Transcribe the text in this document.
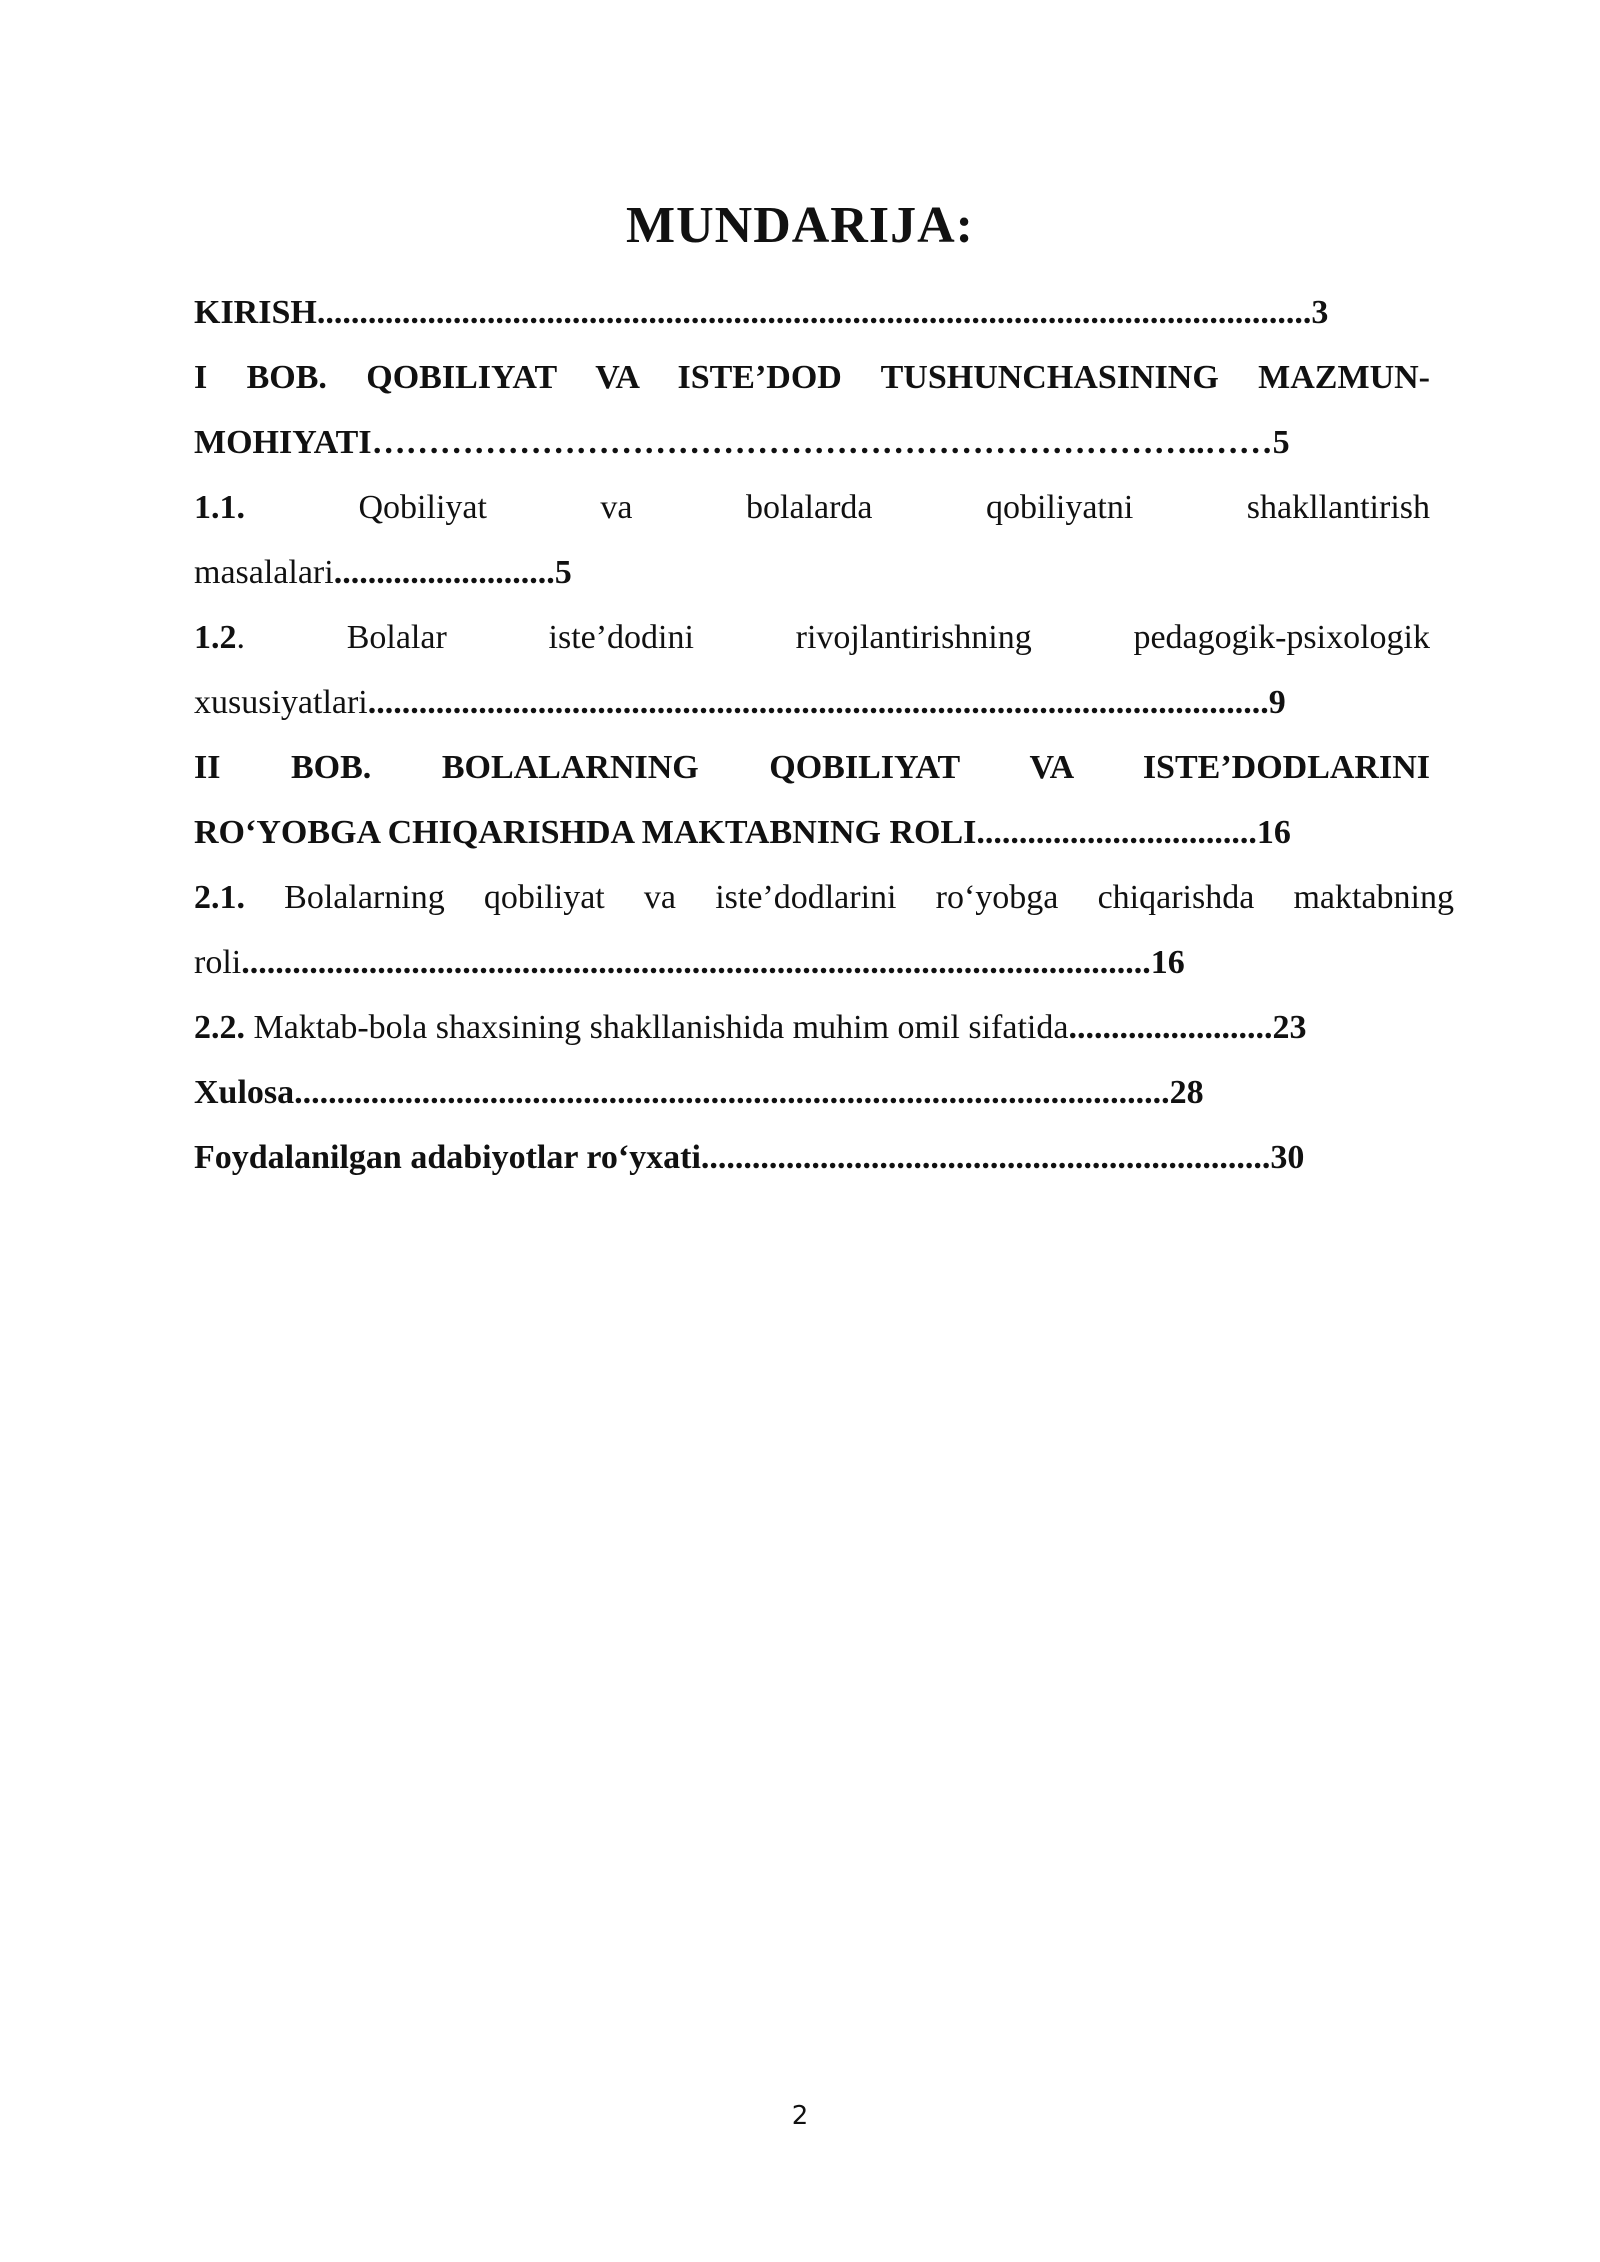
MUNDARIJA:
KIRISH.....................................................................................................................3
I BOB. QOBILIYAT VA ISTE’DOD TUSHUNCHASINING MAZMUN-
MOHIYATI………………………………………………………………..……5
1.1. Qobiliyat va bolalarda qobiliyatni shakllantirish
masalalari..........................5
1.2. Bolalar iste’dodini rivojlantirishning pedagogik-psixologik
xususiyatlari..........................................................................................................9
II BOB. BOLALARNING QOBILIYAT VA ISTE’DODLARINI
RO‘YOBGA CHIQARISHDA MAKTABNING ROLI.................................16
2.1. Bolalarning qobiliyat va iste’dodlarini ro‘yobga chiqarishda maktabning
roli...........................................................................................................16
2.2. Maktab-bola shaxsining shakllanishida muhim omil sifatida........................23
Xulosa.......................................................................................................28
Foydalanilgan adabiyotlar ro‘yxati...................................................................30
2
